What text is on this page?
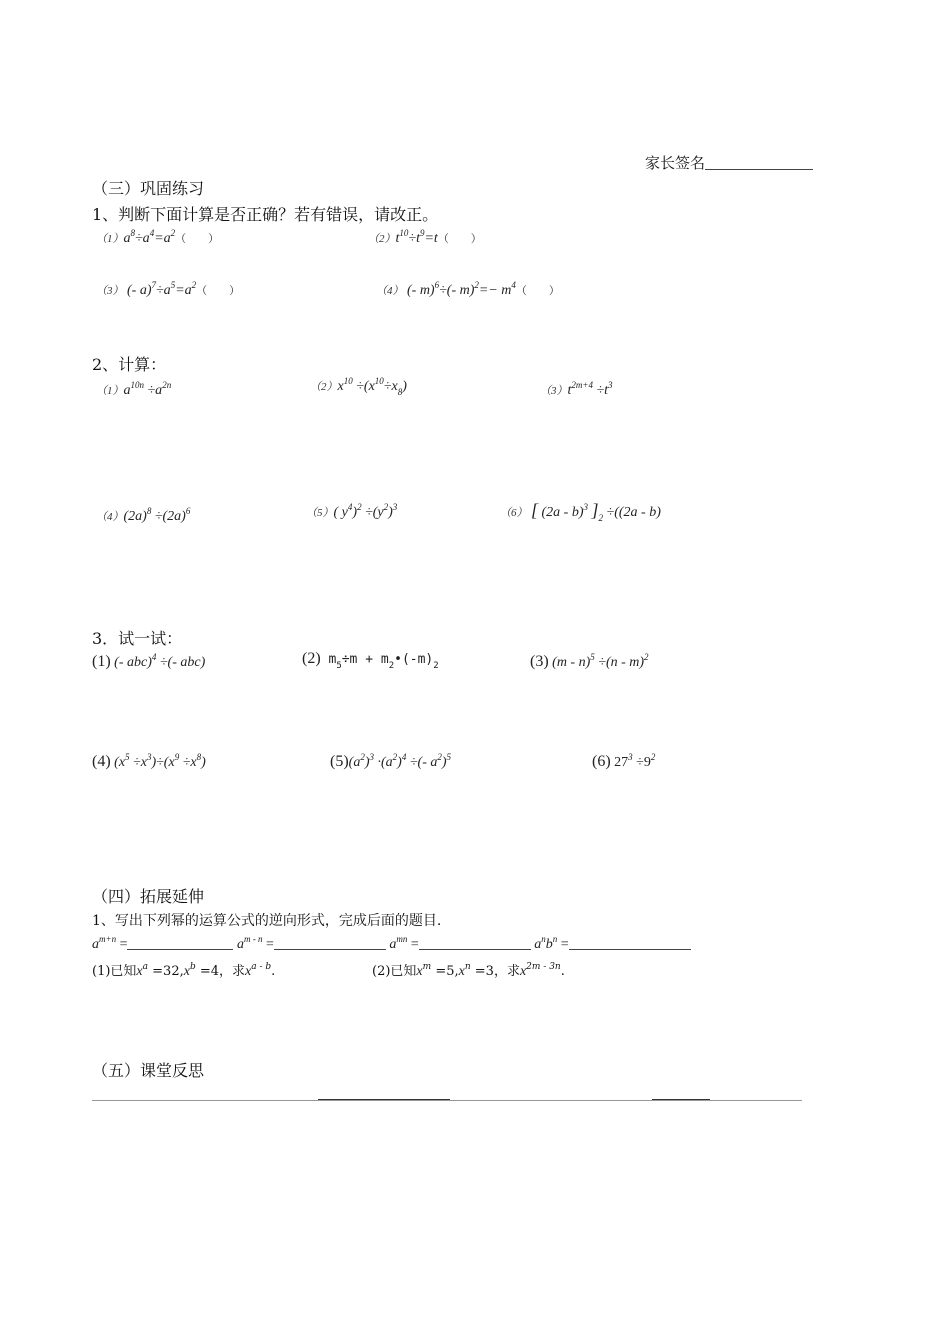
家长签名
（三）巩固练习
1、判断下面计算是否正确？若有错误，请改正。
$(1)a^8\div a^4=a^2$（　　）	$(2)t^{10}\div t^9=t$（　　）
（3） (- $a)^7\div a^5=a^2$（　　）	（4） (- m)$^6$÷(- $m)^2=- m^4$（　　）
2、计算：
$(1)a^{10n} \div a^{2n}$	$(2)x^{10} \div(x^{10}\div x_8)$	$(3)t^{2m+4} \div t^3$
$(4)(2a)^8 \div(2a)^6$	（5）( $y^4)^2 \div(y^2)^3$	（6） [ (2a - b)$^3$ ]$_2 \div((2a - b)$
3．试一试：
(1) (- abc)$^4$ ÷(- abc)	(2) $m_5\div m$ + $m_2•(-m)_2$	(3) (m - n)$^5$ ÷(n - m)$^2$
(4) $(x^5 \div x^3)\div(x^9 \div x^8)$	$(5)(a^2)^3 \cdot(a^2)^4$ ÷(- $a^2)^5$	(6) $27^3 \div 9^2$
（四）拓展延伸
1、写出下列幂的运算公式的逆向形式，完成后面的题目.
$a^{m+n}$ =	$a^{m - n}$ =	$a^{mn}$ =	$a^nb^n$ =
(1)已知$x^a =32,x^b =4$，求$x^{a - b}$.	(2)已知$x^m =5,x^n =3$，求$x^{2m - 3n}$.
（五）课堂反思
